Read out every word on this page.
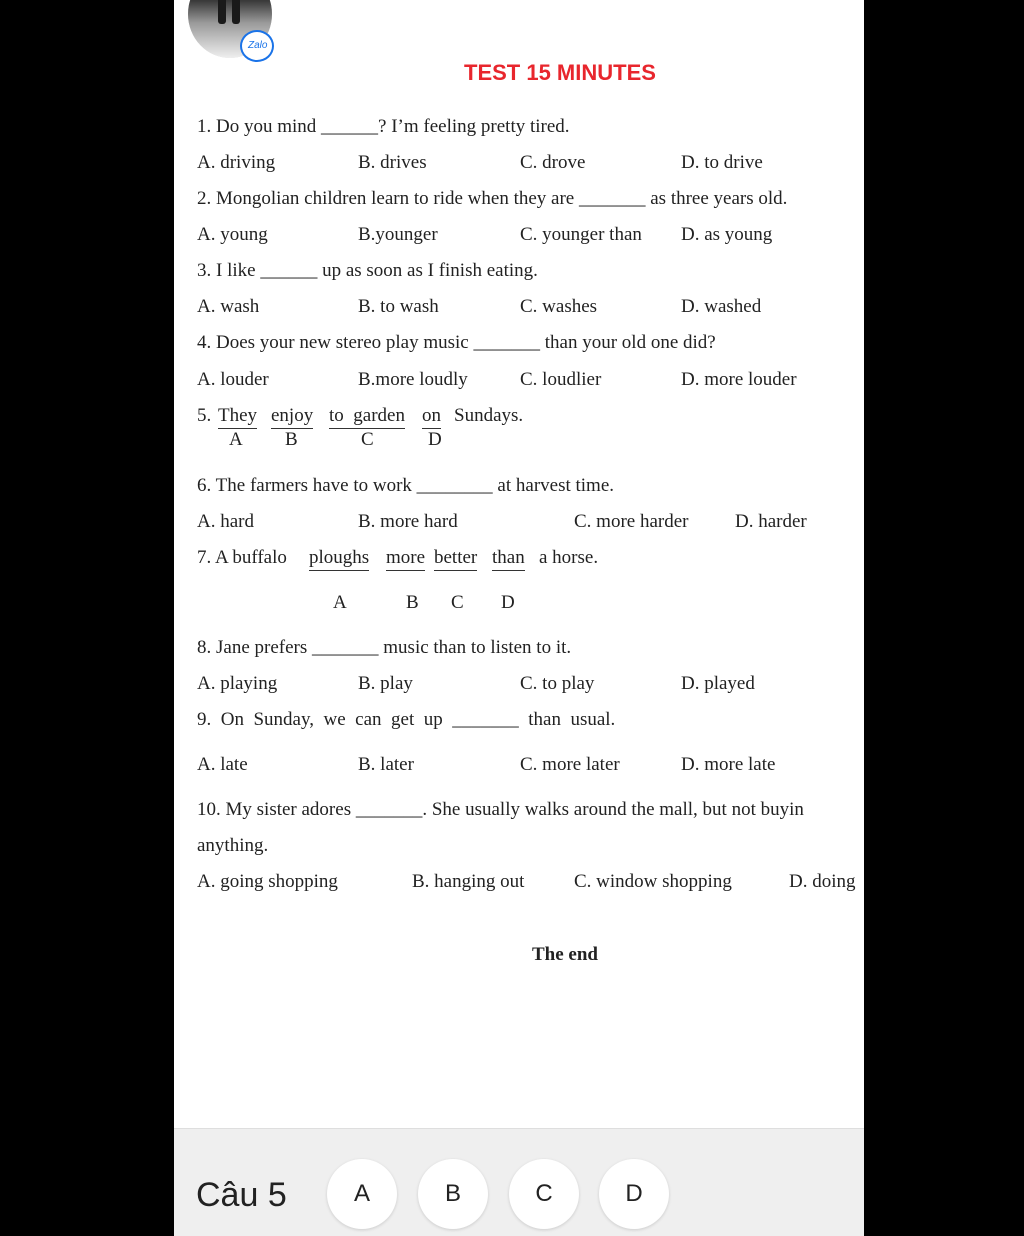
Zalo
TEST 15 MINUTES
1. Do you mind ______? I’m feeling pretty tired.
A. driving	B. drives	C. drove	D. to drive
2. Mongolian children learn to ride when they are _______ as three years old.
A. young	B.younger	C. younger than D. as young
3. I like ______ up as soon as I finish eating.
A. wash	B. to wash	C. washes	D. washed
4. Does your new stereo play music _______ than your old one did?
A. louder	B.more loudly	C. loudlier	D. more louder
5. They enjoy to  garden on Sundays.
A B	C	D
6. The farmers have to work ________ at harvest time.
A. hard	B. more hard	C. more harder D. harder
7. A buffalo ploughs more better than a horse.
A	B C D
8. Jane prefers _______ music than to listen to it.
A. playing	B. play	C. to play	D. played
9.  On  Sunday,  we  can  get  up _______ than  usual.
A. late	B. later	C. more later	D. more late
10. My sister adores _______. She usually walks around the mall, but not buyin
anything.
A. going shopping	B. hanging out	C. window shopping	D. doing
The end
Câu 5	A	B	C	D
